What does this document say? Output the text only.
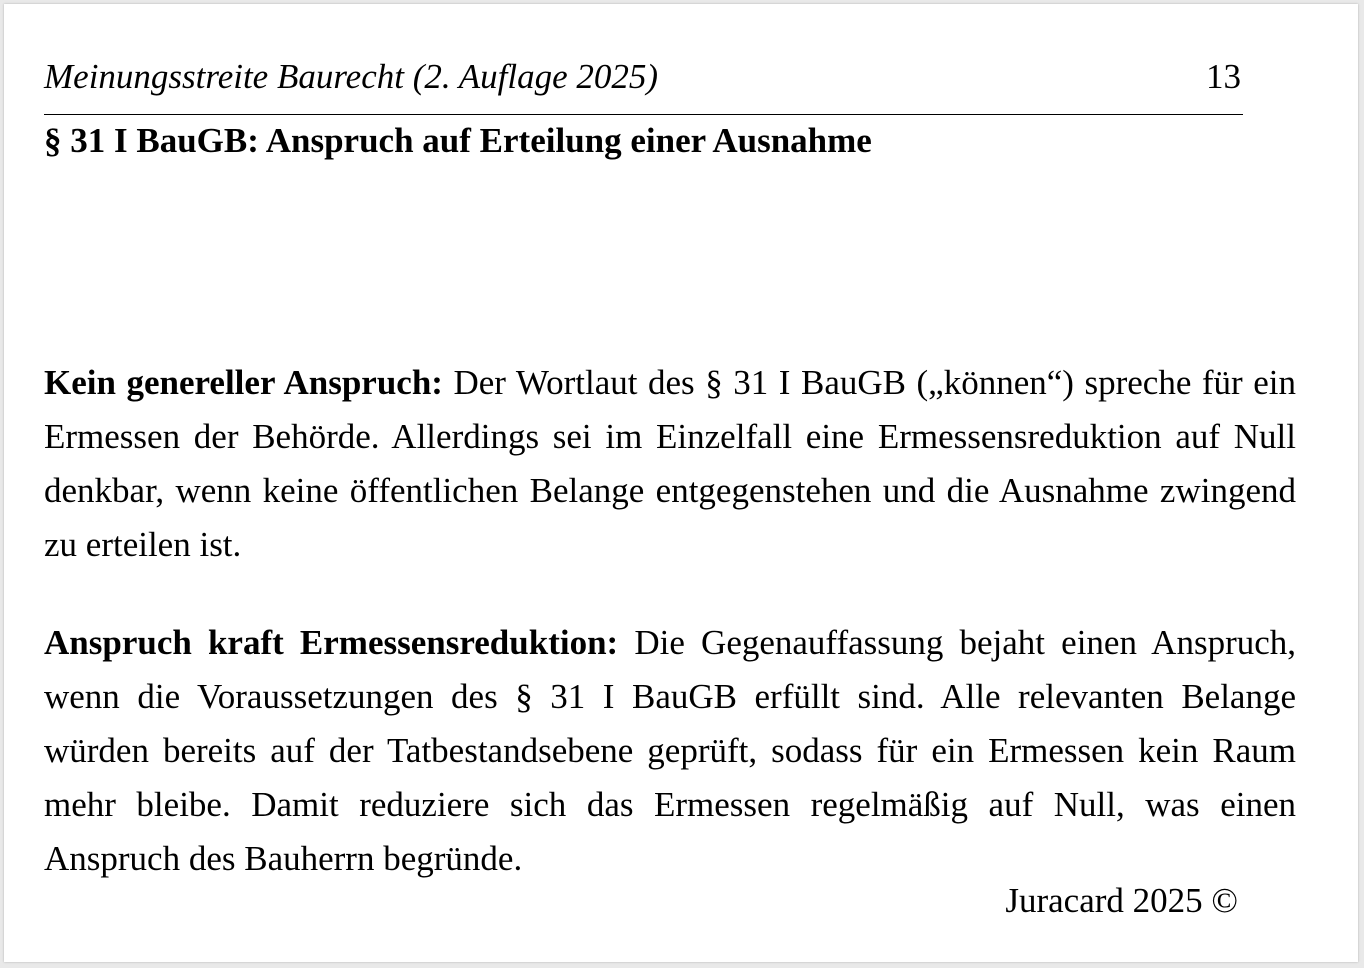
Meinungsstreite Baurecht (2. Auflage 2025)	13
§ 31 I BauGB: Anspruch auf Erteilung einer Ausnahme

Kein genereller Anspruch: Der Wortlaut des § 31 I BauGB („können“) spreche für ein Ermessen der Behörde. Allerdings sei im Einzelfall eine Ermessensreduktion auf Null denkbar, wenn keine öffentlichen Belange entgegenstehen und die Ausnahme zwingend zu erteilen ist.

Anspruch kraft Ermessensreduktion: Die Gegenauffassung bejaht einen Anspruch, wenn die Voraussetzungen des § 31 I BauGB erfüllt sind. Alle relevanten Belange würden bereits auf der Tatbestandsebene geprüft, sodass für ein Ermessen kein Raum mehr bleibe. Damit reduziere sich das Ermessen regelmäßig auf Null, was einen Anspruch des Bauherrn begründe.

Juracard 2025 ©
